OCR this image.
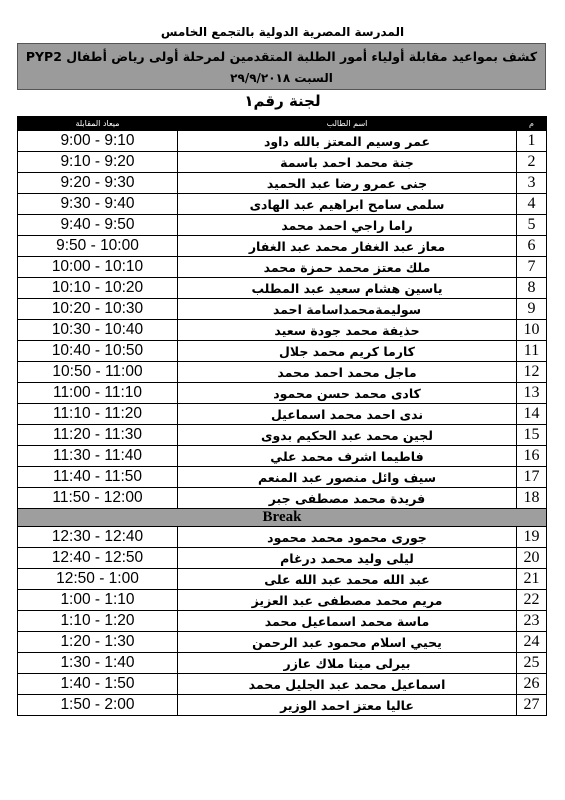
المدرسة المصرية الدولية بالتجمع الخامس
كشف بمواعيد مقابلة أولياء أمور الطلبة المتقدمين لمرحلة أولى رياض أطفال PYP2
السبت ٢٩/٩/٢٠١٨
لجنة رقم١
ميعاد المقابلة	اسم الطالب	م
9:00 - 9:10	عمر وسيم المعتز بالله داود	1
9:10 - 9:20	جنة محمد احمد باسمة	2
9:20 - 9:30	جنى عمرو رضا عبد الحميد	3
9:30 - 9:40	سلمى سامح ابراهيم عبد الهادى	4
9:40 - 9:50	راما راجي احمد محمد	5
9:50 - 10:00	معاز عبد الغفار محمد عبد الغفار	6
10:00 - 10:10	ملك معتز محمد حمزة محمد	7
10:10 - 10:20	ياسين هشام سعيد عبد المطلب	8
10:20 - 10:30	سوليمةمحمداسامة احمد	9
10:30 - 10:40	حذيفة محمد جودة سعيد	10
10:40 - 10:50	كارما كريم محمد جلال	11
10:50 - 11:00	ماجل محمد احمد محمد	12
11:00 - 11:10	كادى محمد حسن محمود	13
11:10 - 11:20	ندى احمد محمد اسماعيل	14
11:20 - 11:30	لجين محمد عبد الحكيم بدوى	15
11:30 - 11:40	فاطيما اشرف محمد علي	16
11:40 - 11:50	سيف وائل منصور عبد المنعم	17
11:50 - 12:00	فريدة محمد مصطفى جبر	18
Break		
12:30 - 12:40	جورى محمود محمد محمود	19
12:40 - 12:50	ليلى وليد محمد درغام	20
12:50 - 1:00	عبد الله محمد عبد الله على	21
1:00 - 1:10	مريم محمد مصطفى عبد العزيز	22
1:10 - 1:20	ماسة محمد اسماعيل محمد	23
1:20 - 1:30	يحيي اسلام محمود عبد الرحمن	24
1:30 - 1:40	بيرلى مينا ملاك عازر	25
1:40 - 1:50	اسماعيل محمد عبد الجليل محمد	26
1:50 - 2:00	عاليا معتز احمد الوزير	27
